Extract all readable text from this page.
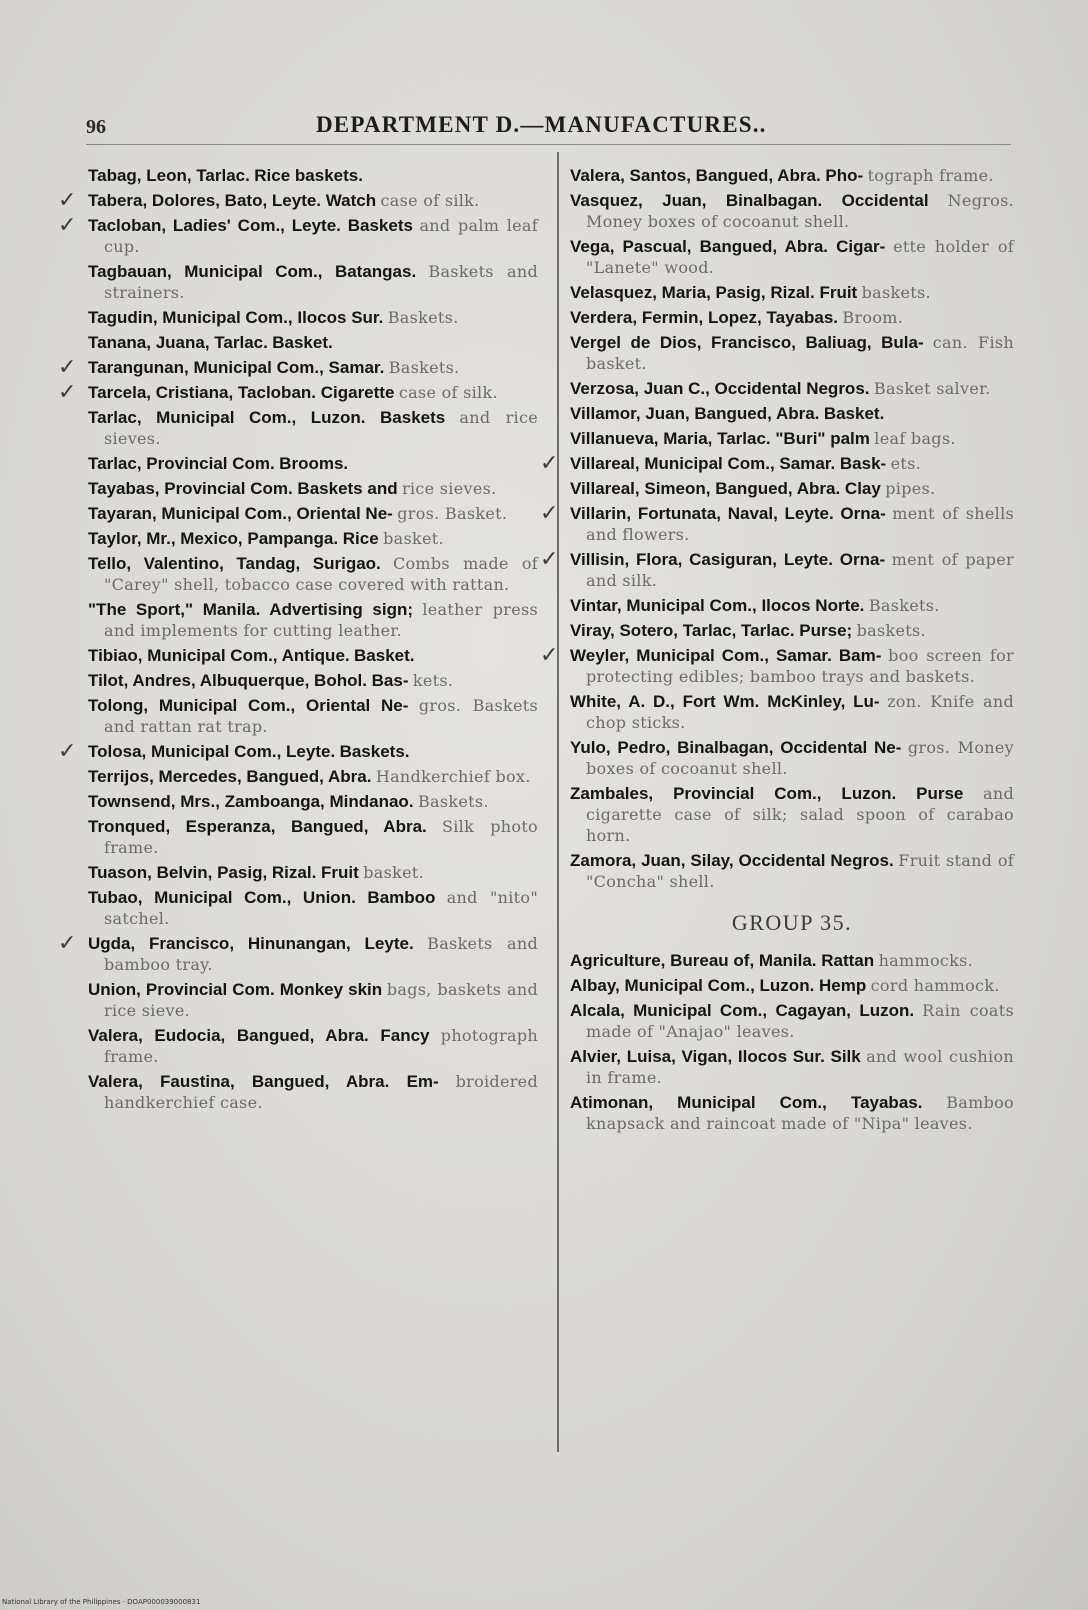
96	DEPARTMENT D.—MANUFACTURES..
Tabag, Leon, Tarlac. Rice baskets.
✓ Tabera, Dolores, Bato, Leyte. Watch case of silk.
✓ Tacloban, Ladies' Com., Leyte. Baskets and palm leaf cup.
Tagbauan, Municipal Com., Batangas. Baskets and strainers.
Tagudin, Municipal Com., Ilocos Sur. Baskets.
Tanana, Juana, Tarlac. Basket.
✓ Tarangunan, Municipal Com., Samar. Baskets.
✓ Tarcela, Cristiana, Tacloban. Cigarette case of silk.
Tarlac, Municipal Com., Luzon. Baskets and rice sieves.
Tarlac, Provincial Com. Brooms.
Tayabas, Provincial Com. Baskets and rice sieves.
Tayaran, Municipal Com., Oriental Ne- gros. Basket.
Taylor, Mr., Mexico, Pampanga. Rice basket.
Tello, Valentino, Tandag, Surigao. Combs made of "Carey" shell, tobacco case covered with rattan.
"The Sport," Manila. Advertising sign; leather press and implements for cutting leather.
Tibiao, Municipal Com., Antique. Basket.
Tilot, Andres, Albuquerque, Bohol. Bas- kets.
Tolong, Municipal Com., Oriental Ne- gros. Baskets and rattan rat trap.
✓ Tolosa, Municipal Com., Leyte. Baskets.
Terrijos, Mercedes, Bangued, Abra. Handkerchief box.
Townsend, Mrs., Zamboanga, Mindanao. Baskets.
Tronqued, Esperanza, Bangued, Abra. Silk photo frame.
Tuason, Belvin, Pasig, Rizal. Fruit basket.
Tubao, Municipal Com., Union. Bamboo and "nito" satchel.
✓ Ugda, Francisco, Hinunangan, Leyte. Baskets and bamboo tray.
Union, Provincial Com. Monkey skin bags, baskets and rice sieve.
Valera, Eudocia, Bangued, Abra. Fancy photograph frame.
Valera, Faustina, Bangued, Abra. Em- broidered handkerchief case.
Valera, Santos, Bangued, Abra. Pho- tograph frame.
Vasquez, Juan, Binalbagan. Occidental Negros. Money boxes of cocoanut shell.
Vega, Pascual, Bangued, Abra. Cigar- ette holder of "Lanete" wood.
Velasquez, Maria, Pasig, Rizal. Fruit baskets.
Verdera, Fermin, Lopez, Tayabas. Broom.
Vergel de Dios, Francisco, Baliuag, Bula- can. Fish basket.
Verzosa, Juan C., Occidental Negros. Basket salver.
Villamor, Juan, Bangued, Abra. Basket.
Villanueva, Maria, Tarlac. "Buri" palm leaf bags.
✓ Villareal, Municipal Com., Samar. Bask- ets.
Villareal, Simeon, Bangued, Abra. Clay pipes.
✓ Villarin, Fortunata, Naval, Leyte. Orna- ment of shells and flowers.
✓ Villisin, Flora, Casiguran, Leyte. Orna- ment of paper and silk.
Vintar, Municipal Com., Ilocos Norte. Baskets.
Viray, Sotero, Tarlac, Tarlac. Purse; baskets.
✓ Weyler, Municipal Com., Samar. Bam- boo screen for protecting edibles; bamboo trays and baskets.
White, A. D., Fort Wm. McKinley, Lu- zon. Knife and chop sticks.
Yulo, Pedro, Binalbagan, Occidental Ne- gros. Money boxes of cocoanut shell.
Zambales, Provincial Com., Luzon. Purse and cigarette case of silk; salad spoon of carabao horn.
Zamora, Juan, Silay, Occidental Negros. Fruit stand of "Concha" shell.
GROUP 35.
Agriculture, Bureau of, Manila. Rattan hammocks.
Albay, Municipal Com., Luzon. Hemp cord hammock.
Alcala, Municipal Com., Cagayan, Luzon. Rain coats made of "Anajao" leaves.
Alvier, Luisa, Vigan, Ilocos Sur. Silk and wool cushion in frame.
Atimonan, Municipal Com., Tayabas. Bamboo knapsack and raincoat made of "Nipa" leaves.
National Library of the Philippines · DOAP000039000831
